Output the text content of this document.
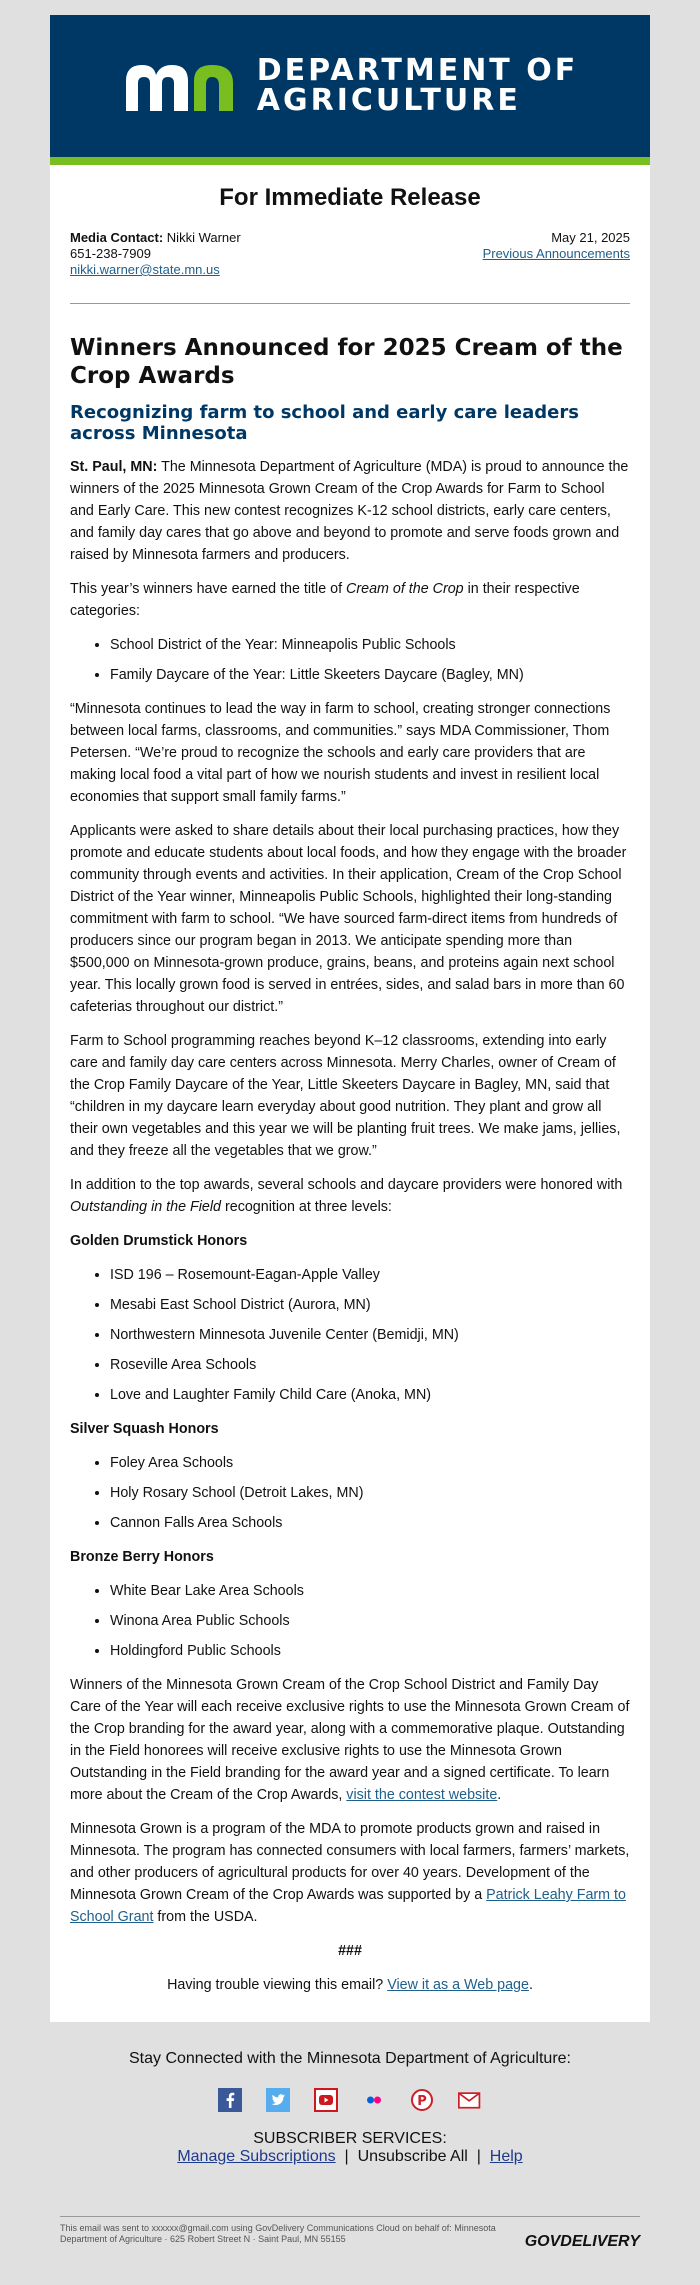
DEPARTMENT OF
AGRICULTURE
For Immediate Release
Media Contact: Nikki Warner
651-238-7909
nikki.warner@state.mn.us
May 21, 2025
Previous Announcements
Winners Announced for 2025 Cream of the Crop Awards
Recognizing farm to school and early care leaders across Minnesota

St. Paul, MN: The Minnesota Department of Agriculture (MDA) is proud to announce the winners of the 2025 Minnesota Grown Cream of the Crop Awards for Farm to School and Early Care. This new contest recognizes K-12 school districts, early care centers, and family day cares that go above and beyond to promote and serve foods grown and raised by Minnesota farmers and producers.

This year’s winners have earned the title of Cream of the Crop in their respective categories:

• School District of the Year: Minneapolis Public Schools
• Family Daycare of the Year: Little Skeeters Daycare (Bagley, MN)

“Minnesota continues to lead the way in farm to school, creating stronger connections between local farms, classrooms, and communities.” says MDA Commissioner, Thom Petersen. “We’re proud to recognize the schools and early care providers that are making local food a vital part of how we nourish students and invest in resilient local economies that support small family farms.”

Applicants were asked to share details about their local purchasing practices, how they promote and educate students about local foods, and how they engage with the broader community through events and activities. In their application, Cream of the Crop School District of the Year winner, Minneapolis Public Schools, highlighted their long-standing commitment with farm to school. “We have sourced farm-direct items from hundreds of producers since our program began in 2013. We anticipate spending more than $500,000 on Minnesota-grown produce, grains, beans, and proteins again next school year. This locally grown food is served in entrées, sides, and salad bars in more than 60 cafeterias throughout our district.”

Farm to School programming reaches beyond K–12 classrooms, extending into early care and family day care centers across Minnesota. Merry Charles, owner of Cream of the Crop Family Daycare of the Year, Little Skeeters Daycare in Bagley, MN, said that “children in my daycare learn everyday about good nutrition. They plant and grow all their own vegetables and this year we will be planting fruit trees. We make jams, jellies, and they freeze all the vegetables that we grow.”

In addition to the top awards, several schools and daycare providers were honored with Outstanding in the Field recognition at three levels:

Golden Drumstick Honors

• ISD 196 – Rosemount-Eagan-Apple Valley
• Mesabi East School District (Aurora, MN)
• Northwestern Minnesota Juvenile Center (Bemidji, MN)
• Roseville Area Schools
• Love and Laughter Family Child Care (Anoka, MN)

Silver Squash Honors

• Foley Area Schools
• Holy Rosary School (Detroit Lakes, MN)
• Cannon Falls Area Schools

Bronze Berry Honors

• White Bear Lake Area Schools
• Winona Area Public Schools
• Holdingford Public Schools

Winners of the Minnesota Grown Cream of the Crop School District and Family Day Care of the Year will each receive exclusive rights to use the Minnesota Grown Cream of the Crop branding for the award year, along with a commemorative plaque. Outstanding in the Field honorees will receive exclusive rights to use the Minnesota Grown Outstanding in the Field branding for the award year and a signed certificate. To learn more about the Cream of the Crop Awards, visit the contest website.

Minnesota Grown is a program of the MDA to promote products grown and raised in Minnesota. The program has connected consumers with local farmers, farmers’ markets, and other producers of agricultural products for over 40 years. Development of the Minnesota Grown Cream of the Crop Awards was supported by a Patrick Leahy Farm to School Grant from the USDA.

###

Having trouble viewing this email? View it as a Web page.

Stay Connected with the Minnesota Department of Agriculture:
P
SUBSCRIBER SERVICES:
Manage Subscriptions | Unsubscribe All | Help
This email was sent to xxxxxx@gmail.com using GovDelivery Communications Cloud on behalf of: Minnesota Department of Agriculture · 625 Robert Street N · Saint Paul, MN 55155	GOVDELIVERY
